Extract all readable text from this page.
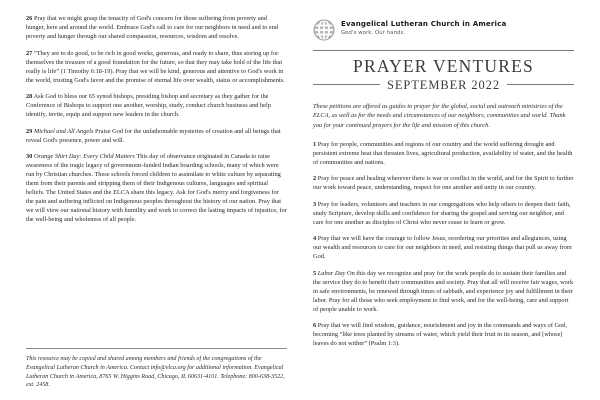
26 Pray that we might grasp the tenacity of God's concern for those suffering from poverty and hunger, here and around the world. Embrace God's call to care for our neighbors in need and to end poverty and hunger through our shared compassion, resources, wisdom and resolve.

27 “They are to do good, to be rich in good works, generous, and ready to share, thus storing up for themselves the treasure of a good foundation for the future, so that they may take hold of the life that really is life” (1 Timothy 6:18-19). Pray that we will be kind, generous and attentive to God's work in the world, trusting God's favor and the promise of eternal life over wealth, status or accomplishments.

28 Ask God to bless our 65 synod bishops, presiding bishop and secretary as they gather for the Conference of Bishops to support one another, worship, study, conduct church business and help identify, invite, equip and support new leaders in the church.

29 Michael and All Angels Praise God for the unfathomable mysteries of creation and all beings that reveal God's presence, power and will.

30 Orange Shirt Day: Every Child Matters This day of observance originated in Canada to raise awareness of the tragic legacy of government-funded Indian boarding schools, many of which were run by Christian churches. These schools forced children to assimilate to white culture by separating them from their parents and stripping them of their Indigenous cultures, languages and spiritual beliefs. The United States and the ELCA share this legacy. Ask for God's mercy and forgiveness for the pain and suffering inflicted on Indigenous peoples throughout the history of our nation. Pray that we will view our national history with humility and work to correct the lasting impacts of injustice, for the well-being and wholeness of all people.

This resource may be copied and shared among members and friends of the congregations of the Evangelical Lutheran Church in America. Contact info@elca.org for additional information. Evangelical Lutheran Church in America, 8765 W. Higgins Road, Chicago, IL 60631-4101. Telephone: 800-638-3522, ext. 2458.
Evangelical Lutheran Church in America
God's work. Our hands.
PRAYER VENTURES
SEPTEMBER 2022

These petitions are offered as guides to prayer for the global, social and outreach ministries of the ELCA, as well as for the needs and circumstances of our neighbors, communities and world. Thank you for your continued prayers for the life and mission of this church.

1 Pray for people, communities and regions of our country and the world suffering drought and persistent extreme heat that threaten lives, agricultural production, availability of water, and the health of communities and nations.

2 Pray for peace and healing wherever there is war or conflict in the world, and for the Spirit to further our work toward peace, understanding, respect for one another and unity in our country.

3 Pray for leaders, volunteers and teachers in our congregations who help others to deepen their faith, study Scripture, develop skills and confidence for sharing the gospel and serving our neighbor, and care for one another as disciples of Christ who never cease to learn or grow.

4 Pray that we will have the courage to follow Jesus, reordering our priorities and allegiances, using our wealth and resources to care for our neighbors in need, and resisting things that pull us away from God.

5 Labor Day On this day we recognize and pray for the work people do to sustain their families and the service they do to benefit their communities and society. Pray that all will receive fair wages, work in safe environments, be renewed through times of sabbath, and experience joy and fulfillment in their labor. Pray for all those who seek employment to find work, and for the well-being, care and support of people unable to work.

6 Pray that we will find wisdom, guidance, nourishment and joy in the commands and ways of God, becoming “like trees planted by streams of water, which yield their fruit in its season, and [whose] leaves do not wither” (Psalm 1:3).
